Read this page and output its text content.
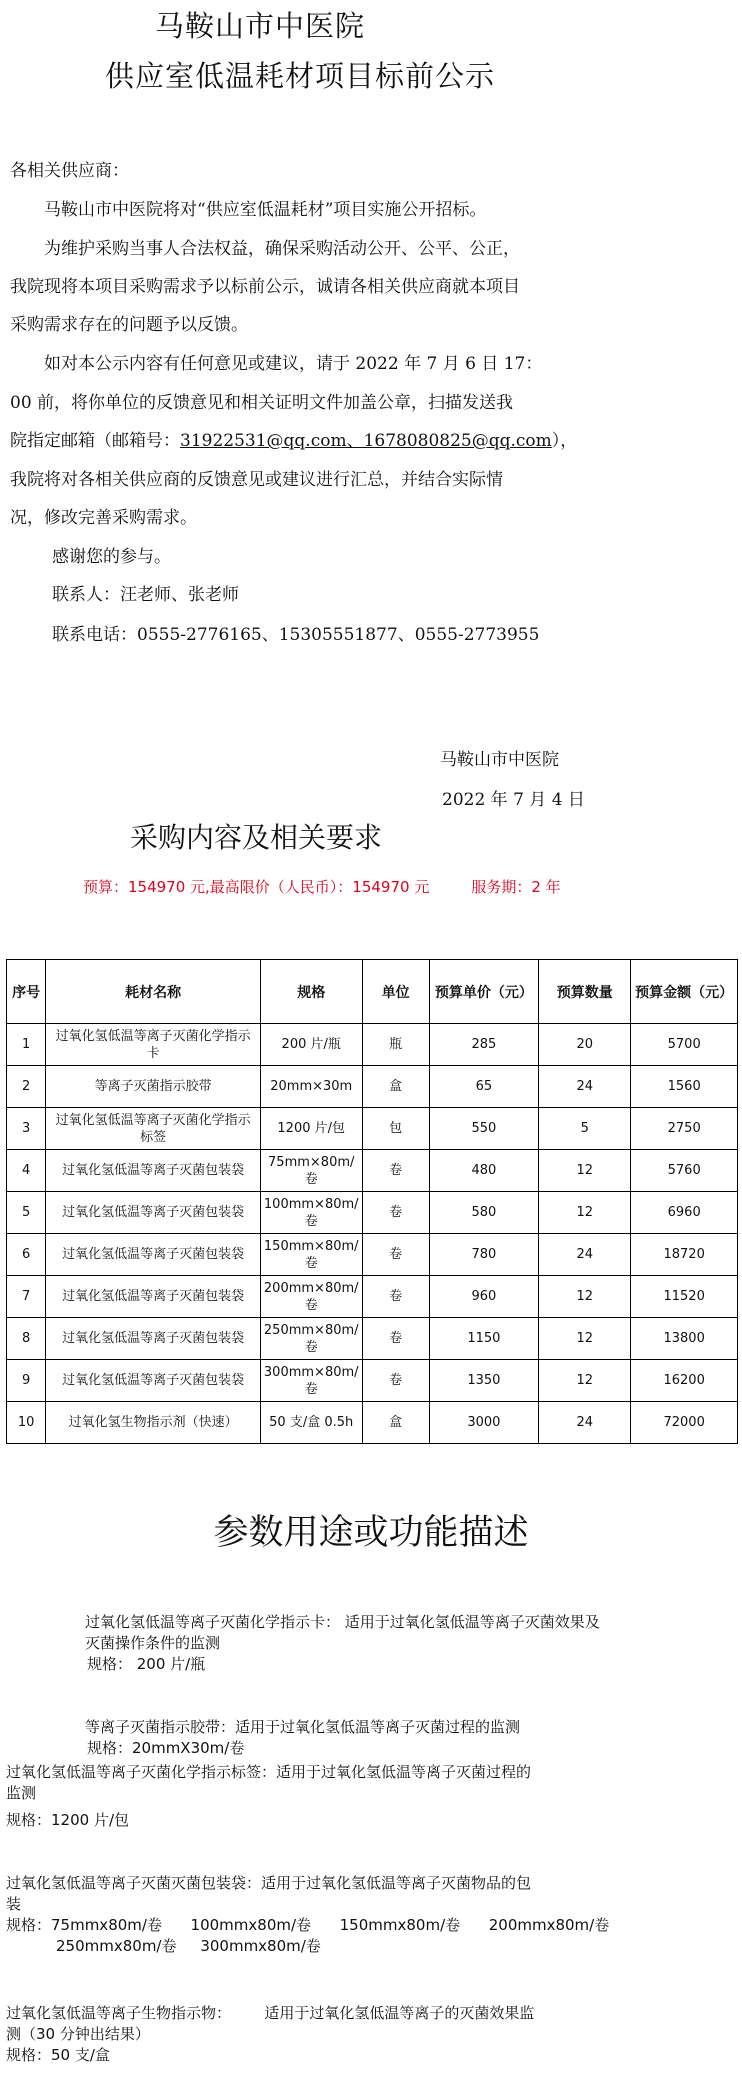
马鞍山市中医院
供应室低温耗材项目标前公示
各相关供应商：
马鞍山市中医院将对“供应室低温耗材”项目实施公开招标。
为维护采购当事人合法权益，确保采购活动公开、公平、公正，
我院现将本项目采购需求予以标前公示，诚请各相关供应商就本项目
采购需求存在的问题予以反馈。
如对本公示内容有任何意见或建议，请于 2022 年 7 月 6 日 17：
00 前，将你单位的反馈意见和相关证明文件加盖公章，扫描发送我
院指定邮箱（邮箱号：31922531@qq.com、1678080825@qq.com），
我院将对各相关供应商的反馈意见或建议进行汇总，并结合实际情
况，修改完善采购需求。
感谢您的参与。
联系人：汪老师、张老师
联系电话：0555-2776165、15305551877、0555-2773955
马鞍山市中医院
2022 年 7 月 4 日
采购内容及相关要求
预算：154970 元,最高限价（人民币）：154970 元	服务期：2 年
序号	耗材名称	规格	单位	预算单价（元）	预算数量	预算金额（元）
1	过氧化氢低温等离子灭菌化学指示卡	200 片/瓶	瓶	285	20	5700
2	等离子灭菌指示胶带	20mm×30m	盒	65	24	1560
3	过氧化氢低温等离子灭菌化学指示标签	1200 片/包	包	550	5	2750
4	过氧化氢低温等离子灭菌包装袋	75mm×80m/卷	卷	480	12	5760
5	过氧化氢低温等离子灭菌包装袋	100mm×80m/卷	卷	580	12	6960
6	过氧化氢低温等离子灭菌包装袋	150mm×80m/卷	卷	780	24	18720
7	过氧化氢低温等离子灭菌包装袋	200mm×80m/卷	卷	960	12	11520
8	过氧化氢低温等离子灭菌包装袋	250mm×80m/卷	卷	1150	12	13800
9	过氧化氢低温等离子灭菌包装袋	300mm×80m/卷	卷	1350	12	16200
10	过氧化氢生物指示剂（快速）	50 支/盒 0.5h	盒	3000	24	72000
参数用途或功能描述
过氧化氢低温等离子灭菌化学指示卡： 适用于过氧化氢低温等离子灭菌效果及
灭菌操作条件的监测
规格： 200 片/瓶
等离子灭菌指示胶带：适用于过氧化氢低温等离子灭菌过程的监测
规格：20mmX30m/卷
过氧化氢低温等离子灭菌化学指示标签：适用于过氧化氢低温等离子灭菌过程的
监测
规格：1200 片/包
过氧化氢低温等离子灭菌灭菌包装袋：适用于过氧化氢低温等离子灭菌物品的包
装
规格：75mmx80m/卷      100mmx80m/卷      150mmx80m/卷      200mmx80m/卷
250mmx80m/卷     300mmx80m/卷
过氧化氢低温等离子生物指示物：       适用于过氧化氢低温等离子的灭菌效果监
测（30 分钟出结果）
规格：50 支/盒
